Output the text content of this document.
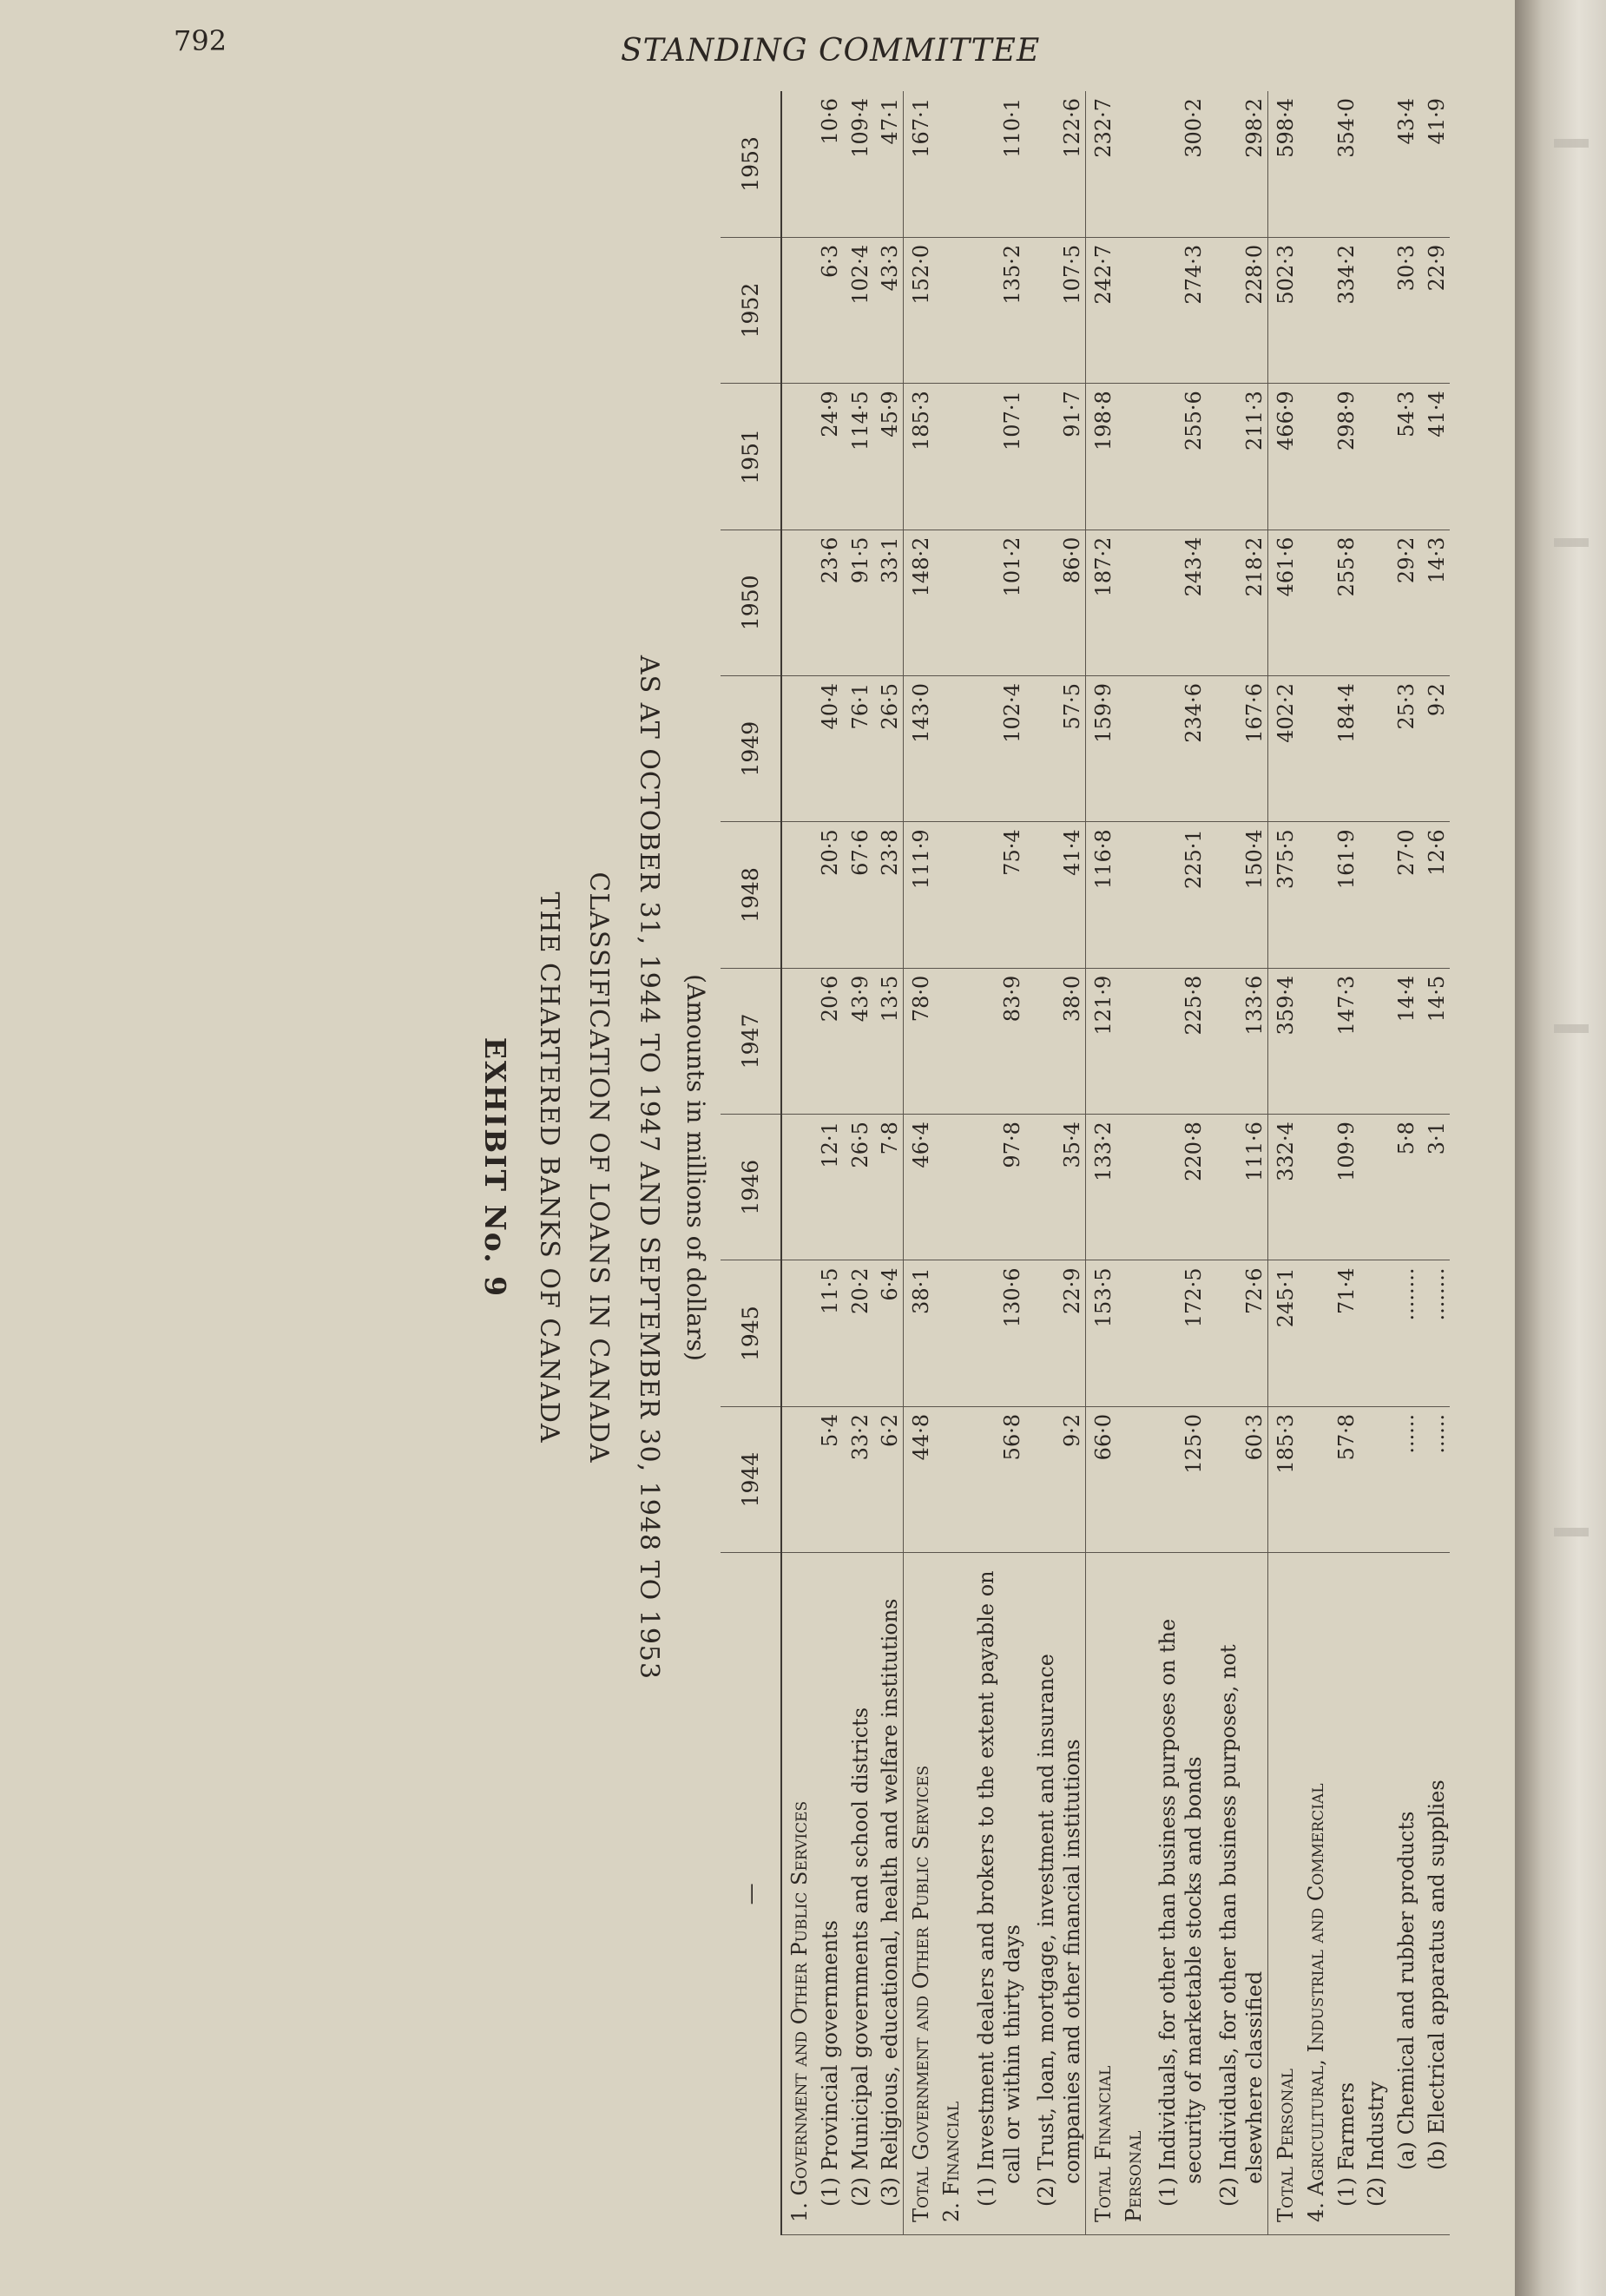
792	STANDING COMMITTEE
EXHIBIT No. 9 THE CHARTERED BANKS OF CANADA CLASSIFICATION OF LOANS IN CANADA AS AT OCTOBER 31, 1944 TO 1947 AND SEPTEMBER 30, 1948 TO 1953 (Amounts in millions of dollars)
—	1944	1945	1946	1947	1948	1949	1950	1951	1952	1953

1. Government and Other Public Services										

(1) Provincial governments	5·4	11·5	12·1	20·6	20·5	40·4	23·6	24·9	6·3	10·6

(2) Municipal governments and school districts	33·2	20·2	26·5	43·9	67·6	76·1	91·5	114·5	102·4	109·4

(3) Religious, educational, health and welfare institutions	6·2	6·4	7·8	13·5	23·8	26·5	33·1	45·9	43·3	47·1

Total Government and Other Public Services	44·8	38·1	46·4	78·0	111·9	143·0	148·2	185·3	152·0	167·1

2. Financial										

(1) Investment dealers and brokers to the extent payable on call or within thirty days	56·8	130·6	97·8	83·9	75·4	102·4	101·2	107·1	135·2	110·1

(2) Trust, loan, mortgage, investment and insurance companies and other financial institutions	9·2	22·9	35·4	38·0	41·4	57·5	86·0	91·7	107·5	122·6

Total Financial	66·0	153·5	133·2	121·9	116·8	159·9	187·2	198·8	242·7	232·7

Personal										

(1) Individuals, for other than business purposes on the security of marketable stocks and bonds	125·0	172·5	220·8	225·8	225·1	234·6	243·4	255·6	274·3	300·2

(2) Individuals, for other than business purposes, not elsewhere classified	60·3	72·6	111·6	133·6	150·4	167·6	218·2	211·3	228·0	298·2

Total Personal	185·3	245·1	332·4	359·4	375·5	402·2	461·6	466·9	502·3	598·4

4. Agricultural, Industrial and Commercial										

(1) Farmers	57·8	71·4	109·9	147·3	161·9	184·4	255·8	298·9	334·2	354·0

(2) Industry										

(a) Chemical and rubber products	......	........	5·8	14·4	27·0	25·3	29·2	54·3	30·3	43·4

(b) Electrical apparatus and supplies	......	........	3·1	14·5	12·6	9·2	14·3	41·4	22·9	41·9
